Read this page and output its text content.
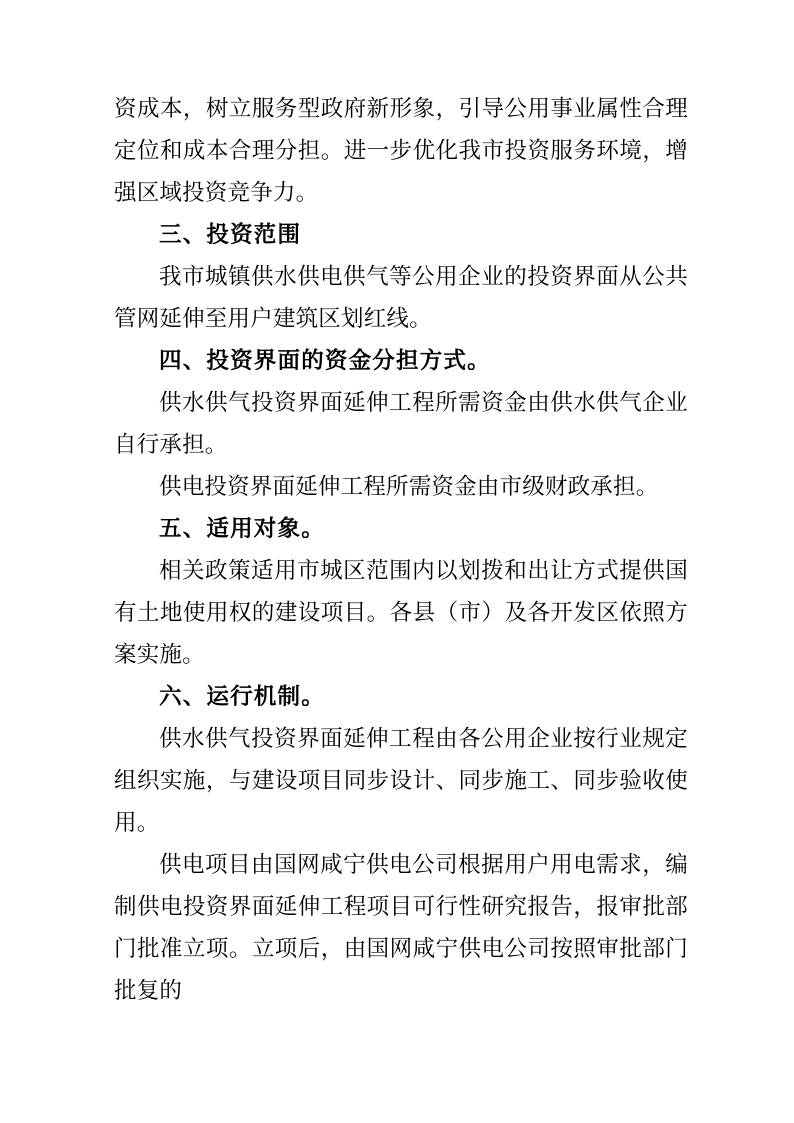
资成本，树立服务型政府新形象，引导公用事业属性合理定位和成本合理分担。进一步优化我市投资服务环境，增强区域投资竞争力。

三、投资范围

我市城镇供水供电供气等公用企业的投资界面从公共管网延伸至用户建筑区划红线。

四、投资界面的资金分担方式。

供水供气投资界面延伸工程所需资金由供水供气企业自行承担。

供电投资界面延伸工程所需资金由市级财政承担。

五、适用对象。

相关政策适用市城区范围内以划拨和出让方式提供国有土地使用权的建设项目。各县（市）及各开发区依照方案实施。

六、运行机制。

供水供气投资界面延伸工程由各公用企业按行业规定组织实施，与建设项目同步设计、同步施工、同步验收使用。

供电项目由国网咸宁供电公司根据用户用电需求，编制供电投资界面延伸工程项目可行性研究报告，报审批部门批准立项。立项后，由国网咸宁供电公司按照审批部门批复的
